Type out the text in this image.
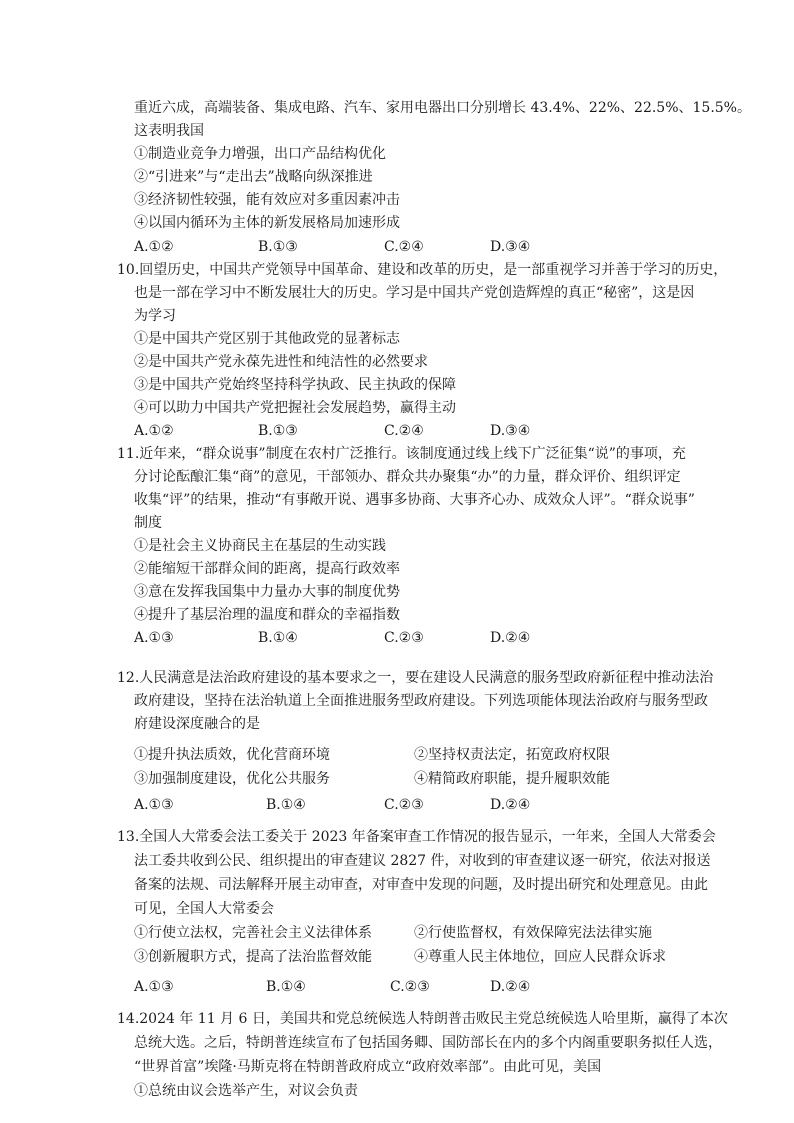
重近六成，高端装备、集成电路、汽车、家用电器出口分别增长 43.4%、22%、22.5%、15.5%。
这表明我国
①制造业竞争力增强，出口产品结构优化
②“引进来”与“走出去”战略向纵深推进
③经济韧性较强，能有效应对多重因素冲击
④以国内循环为主体的新发展格局加速形成
A.①②	B.①③	C.②④	D.③④
10.回望历史，中国共产党领导中国革命、建设和改革的历史，是一部重视学习并善于学习的历史，
也是一部在学习中不断发展壮大的历史。学习是中国共产党创造辉煌的真正“秘密”，这是因
为学习
①是中国共产党区别于其他政党的显著标志
②是中国共产党永葆先进性和纯洁性的必然要求
③是中国共产党始终坚持科学执政、民主执政的保障
④可以助力中国共产党把握社会发展趋势，赢得主动
A.①②	B.①③	C.②④	D.③④
11.近年来，“群众说事”制度在农村广泛推行。该制度通过线上线下广泛征集“说”的事项，充
分讨论酝酿汇集“商”的意见，干部领办、群众共办聚集“办”的力量，群众评价、组织评定
收集“评”的结果，推动“有事敞开说、遇事多协商、大事齐心办、成效众人评”。“群众说事”
制度
①是社会主义协商民主在基层的生动实践
②能缩短干部群众间的距离，提高行政效率
③意在发挥我国集中力量办大事的制度优势
④提升了基层治理的温度和群众的幸福指数
A.①③	B.①④	C.②③	D.②④
12.人民满意是法治政府建设的基本要求之一，要在建设人民满意的服务型政府新征程中推动法治
政府建设，坚持在法治轨道上全面推进服务型政府建设。下列选项能体现法治政府与服务型政
府建设深度融合的是
①提升执法质效，优化营商环境	②坚持权责法定，拓宽政府权限
③加强制度建设，优化公共服务	④精简政府职能，提升履职效能
A.①③	B.①④	C.②③	D.②④
13.全国人大常委会法工委关于 2023 年备案审查工作情况的报告显示，一年来，全国人大常委会
法工委共收到公民、组织提出的审查建议 2827 件，对收到的审查建议逐一研究，依法对报送
备案的法规、司法解释开展主动审查，对审查中发现的问题，及时提出研究和处理意见。由此
可见，全国人大常委会
①行使立法权，完善社会主义法律体系	②行使监督权，有效保障宪法法律实施
③创新履职方式，提高了法治监督效能	④尊重人民主体地位，回应人民群众诉求
A.①③	B.①④	C.②③	D.②④
14.2024 年 11 月 6 日，美国共和党总统候选人特朗普击败民主党总统候选人哈里斯，赢得了本次
总统大选。之后，特朗普连续宣布了包括国务卿、国防部长在内的多个内阁重要职务拟任人选，
“世界首富”埃隆·马斯克将在特朗普政府成立“政府效率部”。由此可见，美国
①总统由议会选举产生，对议会负责
